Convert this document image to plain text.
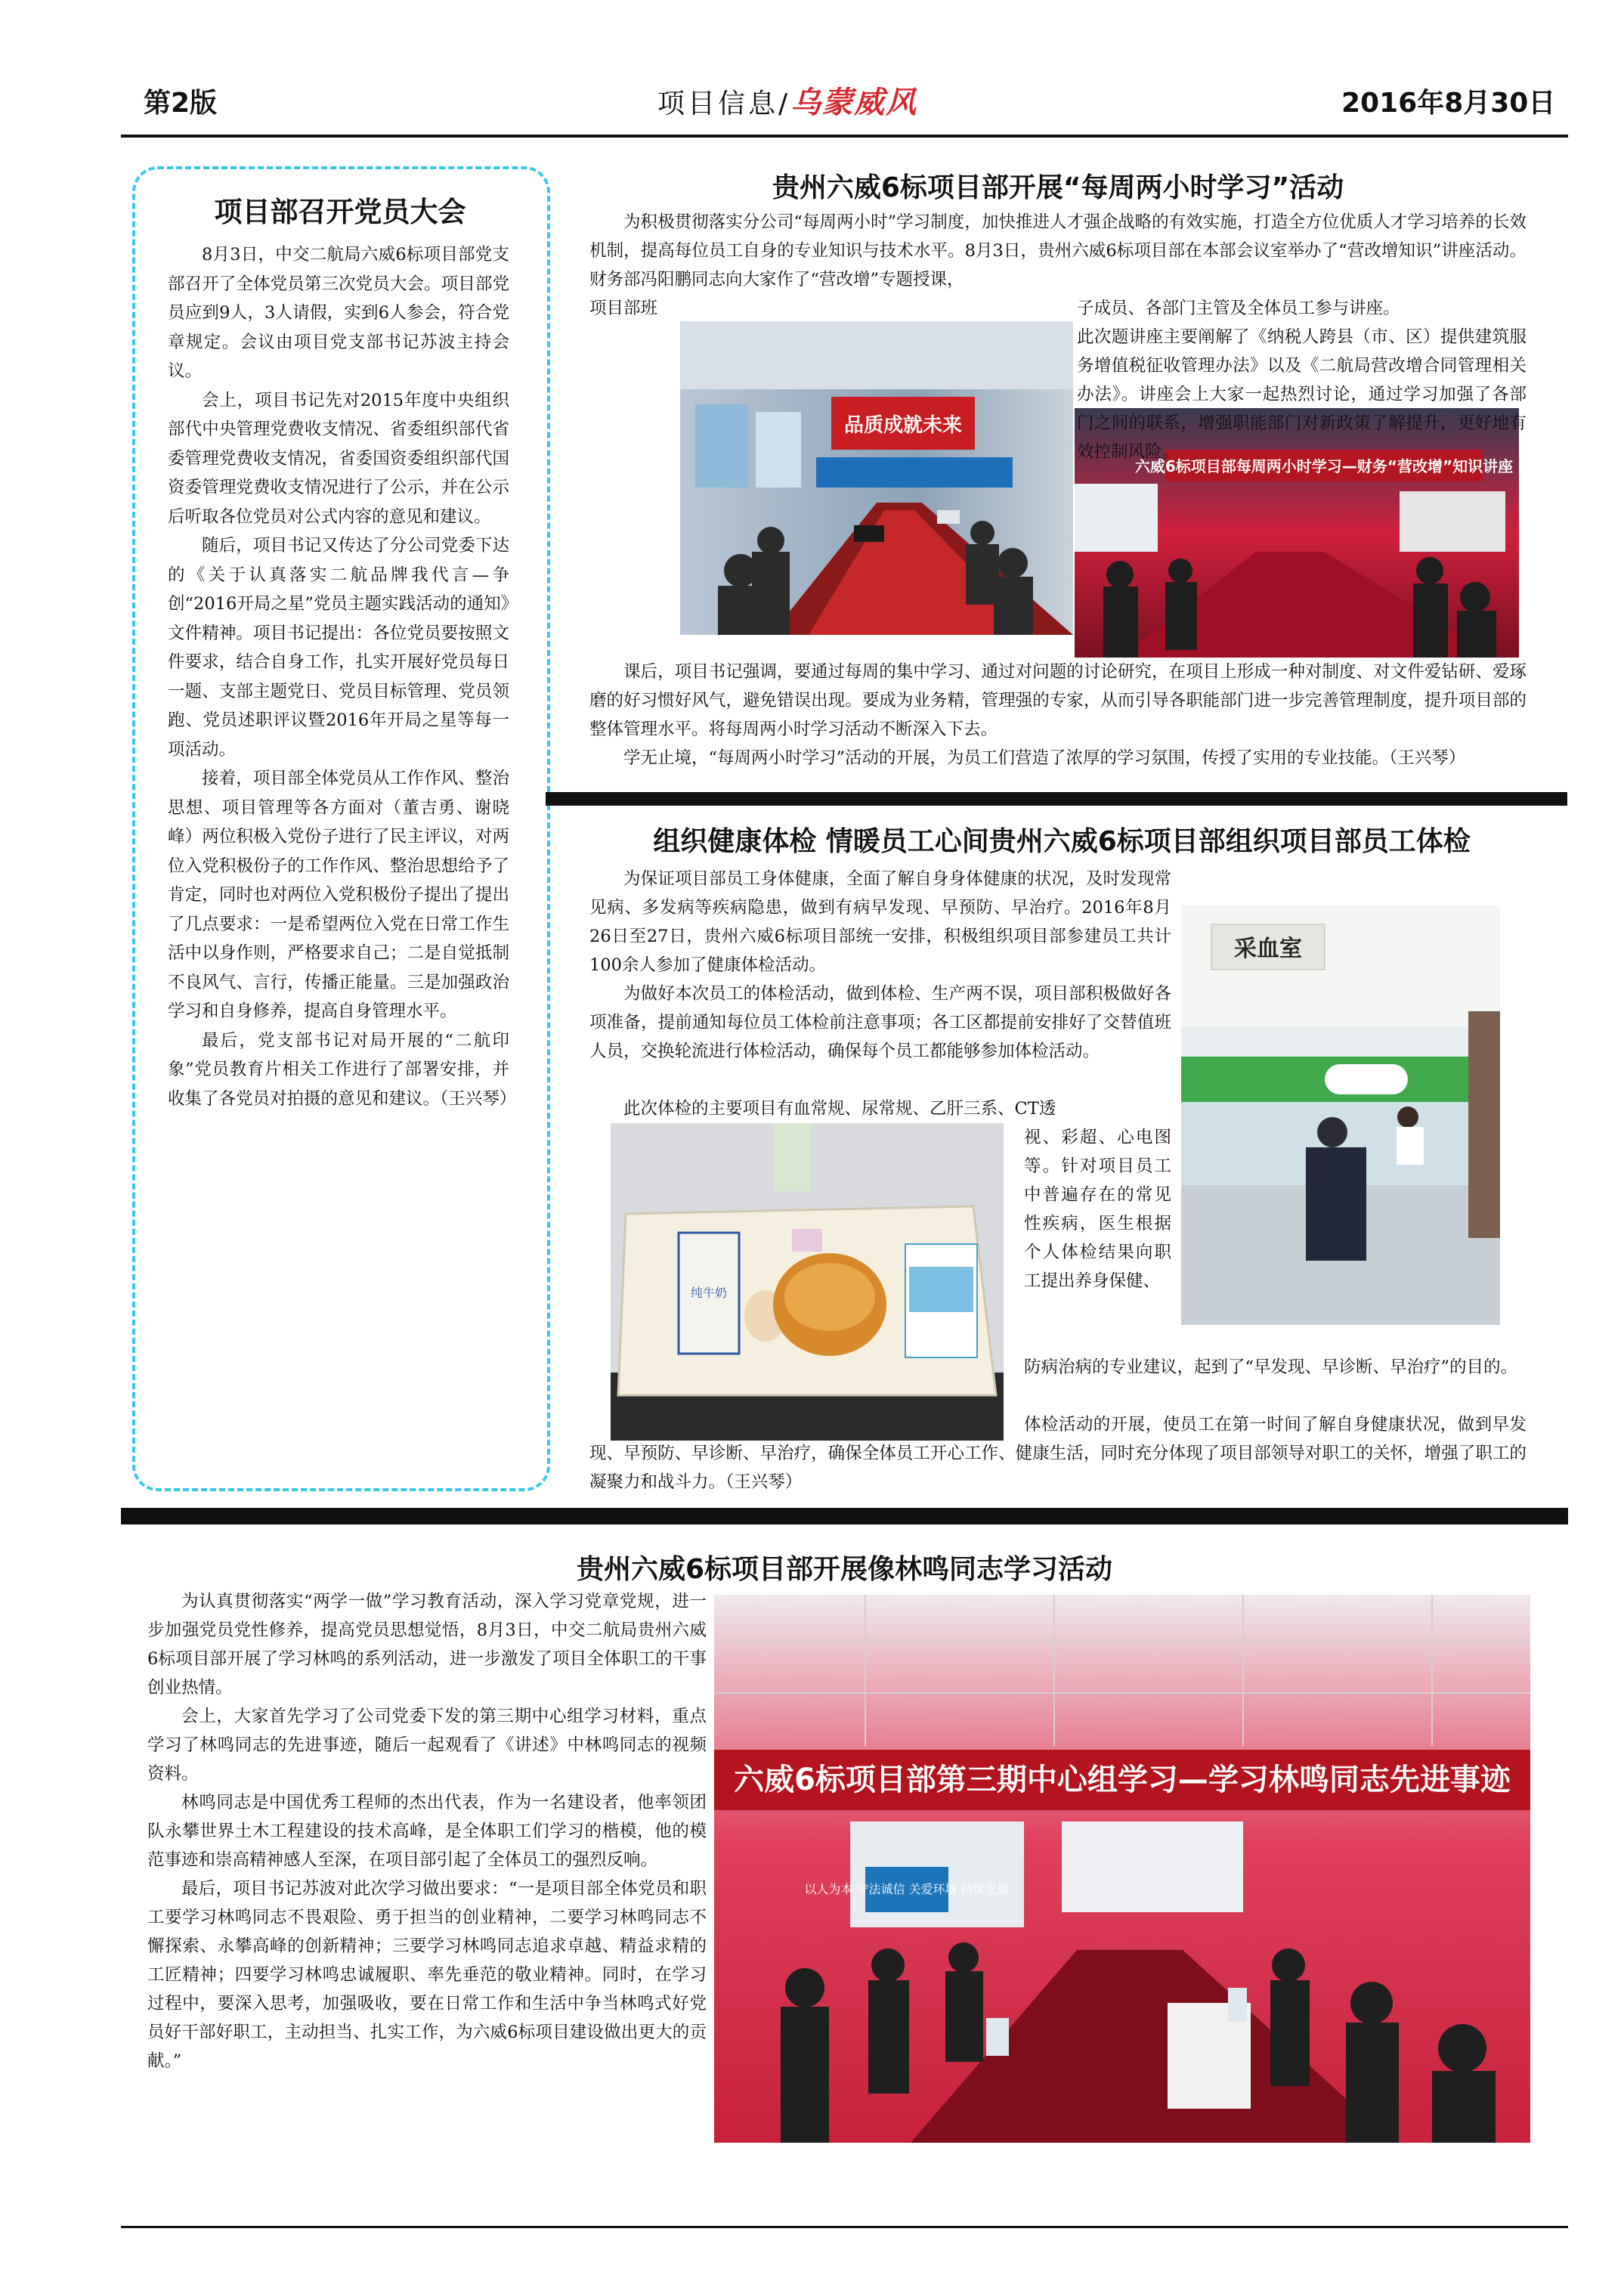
第2版	项目信息/乌蒙威风	2016年8月30日
项目部召开党员大会

8月3日，中交二航局六威6标项目部党支部召开了全体党员第三次党员大会。项目部党员应到9人，3人请假，实到6人参会，符合党章规定。会议由项目党支部书记苏波主持会议。

会上，项目书记先对2015年度中央组织部代中央管理党费收支情况、省委组织部代省委管理党费收支情况，省委国资委组织部代国资委管理党费收支情况进行了公示，并在公示后听取各位党员对公式内容的意见和建议。

随后，项目书记又传达了分公司党委下达的《关于认真落实二航品牌我代言—争创“2016开局之星”党员主题实践活动的通知》文件精神。项目书记提出：各位党员要按照文件要求，结合自身工作，扎实开展好党员每日一题、支部主题党日、党员目标管理、党员领跑、党员述职评议暨2016年开局之星等每一项活动。

接着，项目部全体党员从工作作风、整治思想、项目管理等各方面对（董吉勇、谢晓峰）两位积极入党份子进行了民主评议，对两位入党积极份子的工作作风、整治思想给予了肯定，同时也对两位入党积极份子提出了提出了几点要求：一是希望两位入党在日常工作生活中以身作则，严格要求自己；二是自觉抵制不良风气、言行，传播正能量。三是加强政治学习和自身修养，提高自身管理水平。

最后，党支部书记对局开展的“二航印象”党员教育片相关工作进行了部署安排，并收集了各党员对拍摄的意见和建议。（王兴琴）

贵州六威6标项目部开展“每周两小时学习”活动

为积极贯彻落实分公司“每周两小时”学习制度，加快推进人才强企战略的有效实施，打造全方位优质人才学习培养的长效机制，提高每位员工自身的专业知识与技术水平。8月3日，贵州六威6标项目部在本部会议室举办了“营改增知识”讲座活动。财务部冯阳鹏同志向大家作了“营改增”专题授课，

品质成就未来
六威6标项目部每周两小时学习—财务“营改增”知识讲座
项目部班	子成员、各部门主管及全体员工参与讲座。

此次题讲座主要阐解了《纳税人跨县（市、区）提供建筑服务增值税征收管理办法》以及《二航局营改增合同管理相关办法》。讲座会上大家一起热烈讨论，通过学习加强了各部门之间的联系，增强职能部门对新政策了解提升，更好地有效控制风险。

课后，项目书记强调，要通过每周的集中学习、通过对问题的讨论研究，在项目上形成一种对制度、对文件爱钻研、爱琢磨的好习惯好风气，避免错误出现。要成为业务精，管理强的专家，从而引导各职能部门进一步完善管理制度，提升项目部的整体管理水平。将每周两小时学习活动不断深入下去。

学无止境，“每周两小时学习”活动的开展，为员工们营造了浓厚的学习氛围，传授了实用的专业技能。（王兴琴）

组织健康体检 情暖员工心间贵州六威6标项目部组织项目部员工体检

为保证项目部员工身体健康，全面了解自身身体健康的状况，及时发现常见病、多发病等疾病隐患，做到有病早发现、早预防、早治疗。2016年8月26日至27日，贵州六威6标项目部统一安排，积极组织项目部参建员工共计100余人参加了健康体检活动。

为做好本次员工的体检活动，做到体检、生产两不误，项目部积极做好各项准备，提前通知每位员工体检前注意事项；各工区都提前安排好了交替值班人员，交换轮流进行体检活动，确保每个员工都能够参加体检活动。

采血室

此次体检的主要项目有血常规、尿常规、乙肝三系、CT透

纯牛奶
视、彩超、心电图等。针对项目员工中普遍存在的常见性疾病，医生根据个人体检结果向职工提出养身保健、
防病治病的专业建议，起到了“早发现、早诊断、早治疗”的目的。

体检活动的开展，使员工在第一时间了解自身健康状况，做到早发现、早预防、早诊断、早治疗，确保全体员工开心工作、健康生活，同时充分体现了项目部领导对职工的关怀，增强了职工的凝聚力和战斗力。（王兴琴）

贵州六威6标项目部开展像林鸣同志学习活动

为认真贯彻落实“两学一做”学习教育活动，深入学习党章党规，进一步加强党员党性修养，提高党员思想觉悟，8月3日，中交二航局贵州六威6标项目部开展了学习林鸣的系列活动，进一步激发了项目全体职工的干事创业热情。

会上，大家首先学习了公司党委下发的第三期中心组学习材料，重点学习了林鸣同志的先进事迹，随后一起观看了《讲述》中林鸣同志的视频资料。

林鸣同志是中国优秀工程师的杰出代表，作为一名建设者，他率领团队永攀世界土木工程建设的技术高峰，是全体职工们学习的楷模，他的模范事迹和崇高精神感人至深，在项目部引起了全体员工的强烈反响。

最后，项目书记苏波对此次学习做出要求：“一是项目部全体党员和职工要学习林鸣同志不畏艰险、勇于担当的创业精神，二要学习林鸣同志不懈探索、永攀高峰的创新精神；三要学习林鸣同志追求卓越、精益求精的工匠精神；四要学习林鸣忠诚履职、率先垂范的敬业精神。同时，在学习过程中，要深入思考，加强吸收，要在日常工作和生活中争当林鸣式好党员好干部好职工，主动担当、扎实工作，为六威6标项目建设做出更大的贡献。”

六威6标项目部第三期中心组学习—学习林鸣同志先进事迹
以人为本 守法诚信 关爱环境 持续发展
